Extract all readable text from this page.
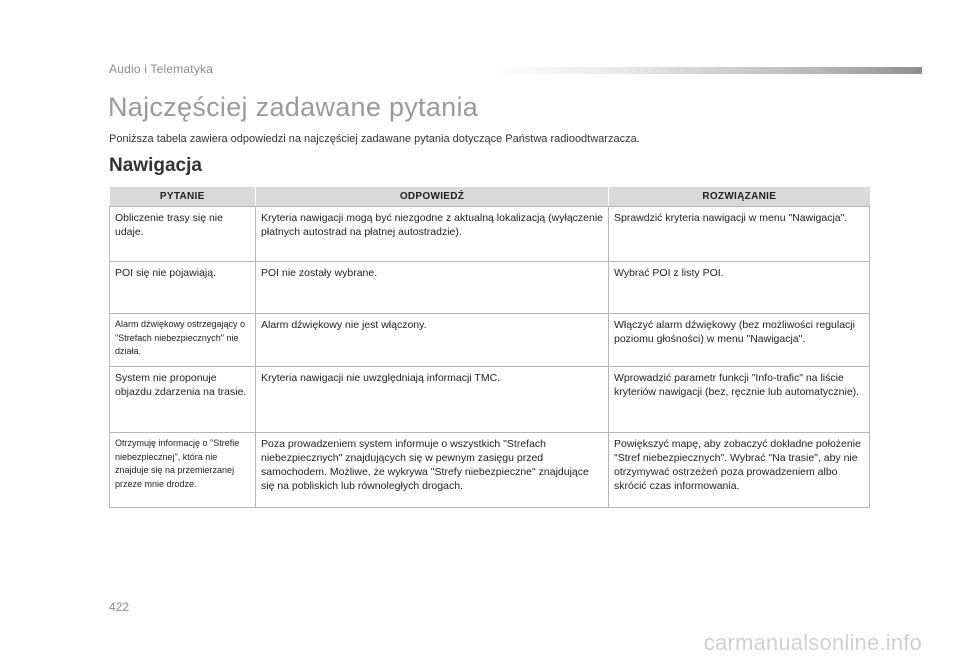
Audio i Telematyka
Najczęściej zadawane pytania
Poniższa tabela zawiera odpowiedzi na najczęściej zadawane pytania dotyczące Państwa radioodtwarzacza.
Nawigacja
PYTANIE	ODPOWIEDŹ	ROZWIĄZANIE
Obliczenie trasy się nie udaje.	Kryteria nawigacji mogą być niezgodne z aktualną lokalizacją (wyłączenie płatnych autostrad na płatnej autostradzie).	Sprawdzić kryteria nawigacji w menu "Nawigacja".
POI się nie pojawiają.	POI nie zostały wybrane.	Wybrać POI z listy POI.
Alarm dźwiękowy ostrzegający o "Strefach niebezpiecznych" nie działa.	Alarm dźwiękowy nie jest włączony.	Włączyć alarm dźwiękowy (bez możliwości regulacji poziomu głośności) w menu "Nawigacja".
System nie proponuje objazdu zdarzenia na trasie.	Kryteria nawigacji nie uwzględniają informacji TMC.	Wprowadzić parametr funkcji "Info-trafic" na liście kryteriów nawigacji (bez, ręcznie lub automatycznie).
Otrzymuję informację o "Strefie niebezpiecznej", która nie znajduje się na przemierzanej przeze mnie drodze.	Poza prowadzeniem system informuje o wszystkich "Strefach niebezpiecznych" znajdujących się w pewnym zasięgu przed samochodem. Możliwe, że wykrywa "Strefy niebezpieczne" znajdujące się na pobliskich lub równoległych drogach.	Powiększyć mapę, aby zobaczyć dokładne położenie "Stref niebezpiecznych". Wybrać "Na trasie", aby nie otrzymywać ostrzeżeń poza prowadzeniem albo skrócić czas informowania.
422
carmanualsonline.info
